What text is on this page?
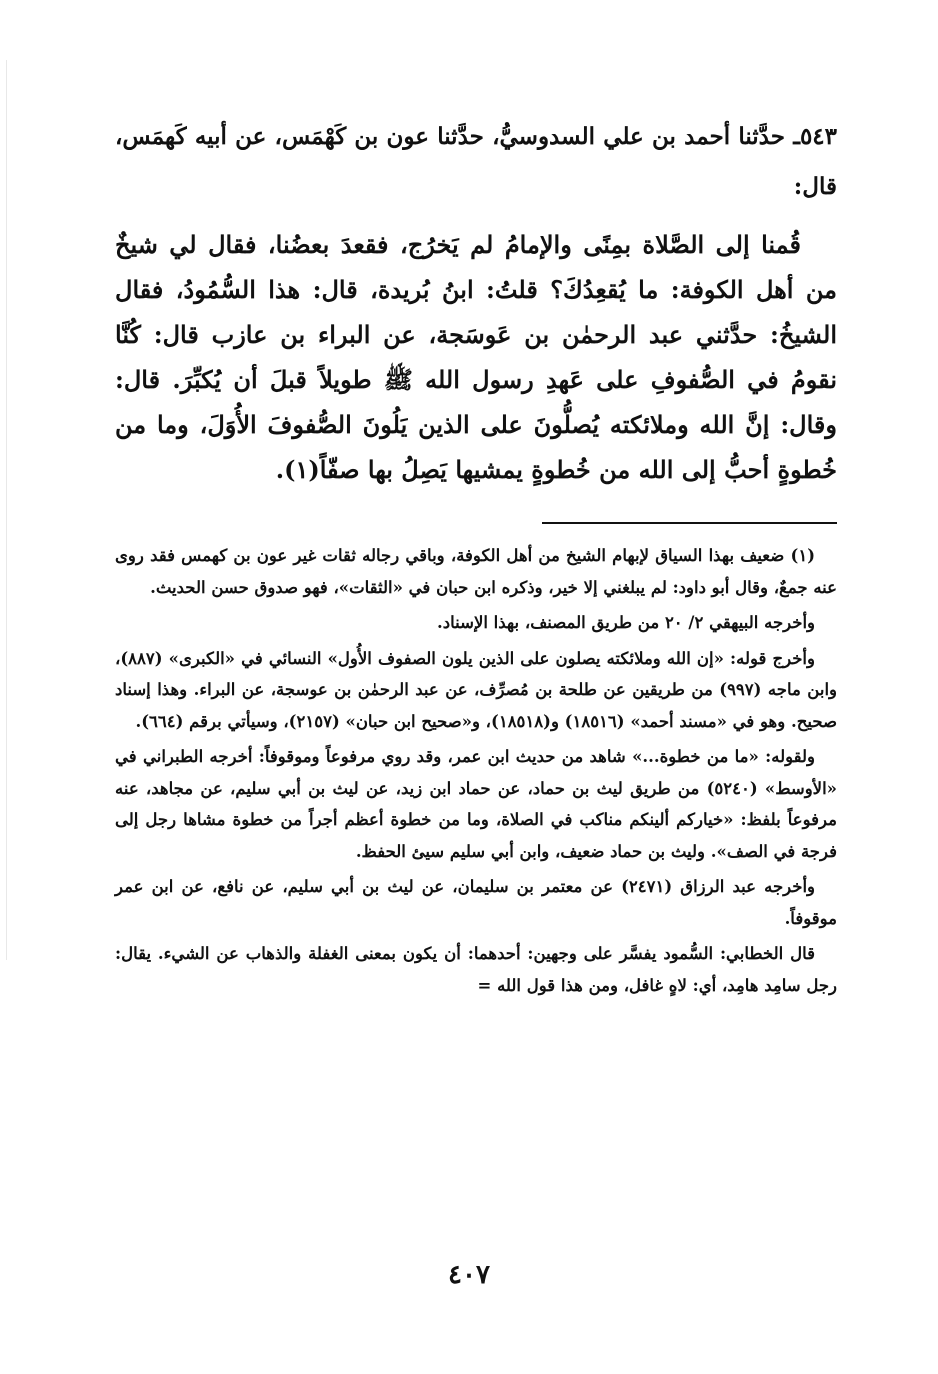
٥٤٣ـ حدَّثنا أحمد بن علي السدوسيُّ، حدَّثنا عون بن كَهْمَس، عن أبيه كَهمَس، قال:

قُمنا إلى الصَّلاة بمِنًى والإمامُ لم يَخرُج، فقعدَ بعضُنا، فقال لي شيخٌ من أهل الكوفة: ما يُقعِدُكَ؟ قلتُ: ابنُ بُريدة، قال: هذا السُّمُودُ، فقال الشيخُ: حدَّثني عبد الرحمٰن بن عَوسَجة، عن البراء بن عازب قال: كُنَّا نقومُ في الصُّفوفِ على عَهدِ رسول الله ﷺ طويلاً قبلَ أن يُكبِّرَ. قال: وقال: إنَّ الله وملائكته يُصلُّونَ على الذين يَلُونَ الصُّفوفَ الأُوَلَ، وما من خُطوةٍ أحبُّ إلى الله من خُطوةٍ يمشيها يَصِلُ بها صفّاً(١).

(١) ضعيف بهذا السياق لإبهام الشيخ من أهل الكوفة، وباقي رجاله ثقات غير عون بن كهمس فقد روى عنه جمعٌ، وقال أبو داود: لم يبلغني إلا خير، وذكره ابن حبان في «الثقات»، فهو صدوق حسن الحديث.

وأخرجه البيهقي ٢/ ٢٠ من طريق المصنف، بهذا الإسناد.

وأخرج قوله: «إن الله وملائكته يصلون على الذين يلون الصفوف الأُول» النسائي في «الكبرى» (٨٨٧)، وابن ماجه (٩٩٧) من طريقين عن طلحة بن مُصرِّف، عن عبد الرحمٰن بن عوسجة، عن البراء. وهذا إسناد صحيح. وهو في «مسند أحمد» (١٨٥١٦) و(١٨٥١٨)، و«صحيح ابن حبان» (٢١٥٧)، وسيأتي برقم (٦٦٤).

ولقوله: «ما من خطوة...» شاهد من حديث ابن عمر، وقد روي مرفوعاً وموقوفاً: أخرجه الطبراني في «الأوسط» (٥٢٤٠) من طريق ليث بن حماد، عن حماد ابن زيد، عن ليث بن أبي سليم، عن مجاهد، عنه مرفوعاً بلفظ: «خياركم ألينكم مناكب في الصلاة، وما من خطوة أعظم أجراً من خطوة مشاها رجل إلى فرجة في الصف». وليث بن حماد ضعيف، وابن أبي سليم سيئ الحفظ.

وأخرجه عبد الرزاق (٢٤٧١) عن معتمر بن سليمان، عن ليث بن أبي سليم، عن نافع، عن ابن عمر موقوفاً.

قال الخطابي: السُّمود يفسَّر على وجهين: أحدهما: أن يكون بمعنى الغفلة والذهاب عن الشيء. يقال: رجل سامِد هامِد، أي: لاهٍ غافل، ومن هذا قول الله =

٤٠٧
